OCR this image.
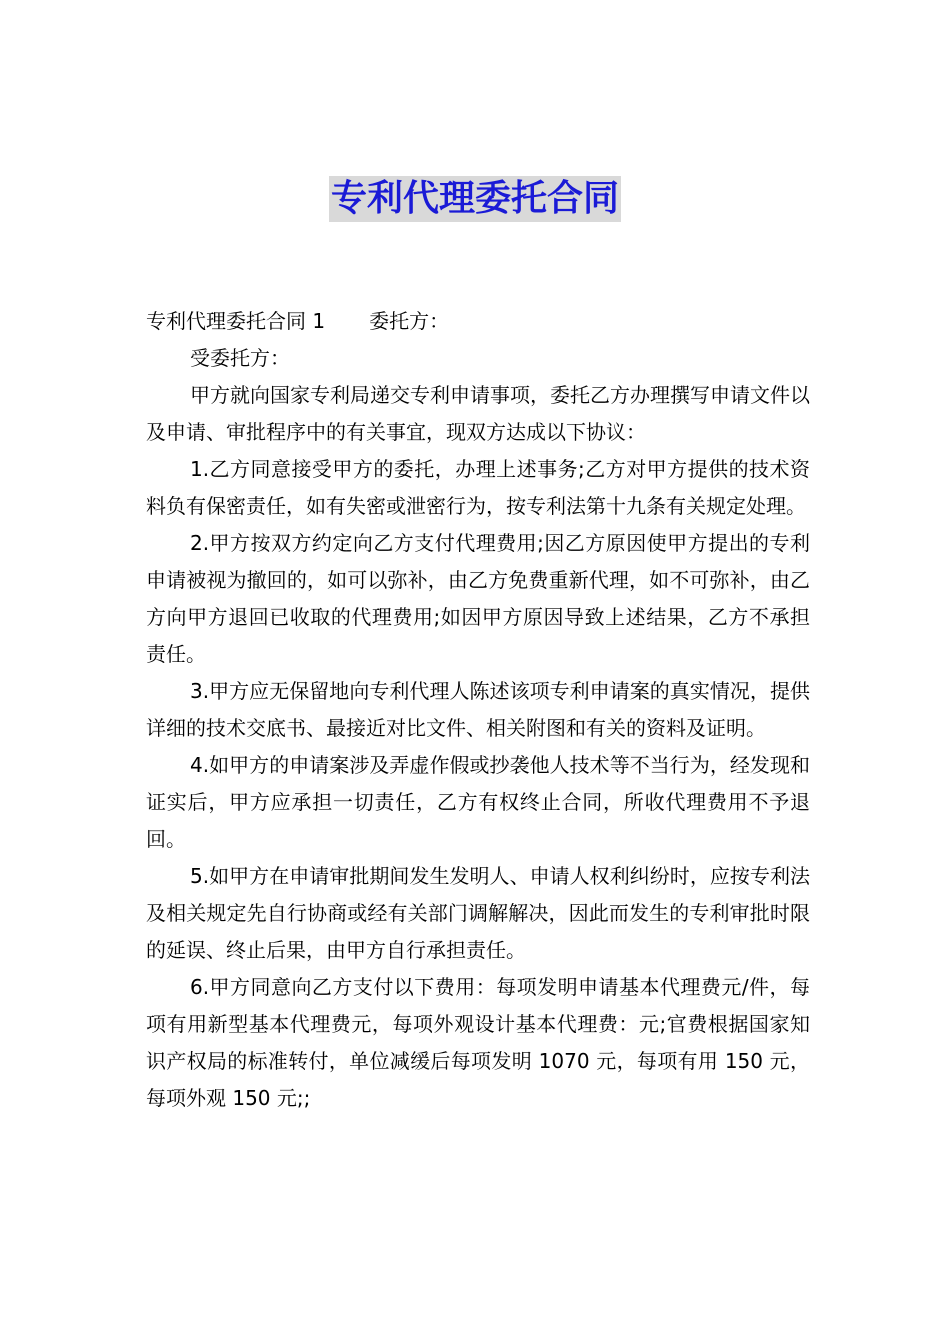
专利代理委托合同

专利代理委托合同 1 委托方：

受委托方：

甲方就向国家专利局递交专利申请事项，委托乙方办理撰写申请文件以及申请、审批程序中的有关事宜，现双方达成以下协议：

1.乙方同意接受甲方的委托，办理上述事务;乙方对甲方提供的技术资料负有保密责任，如有失密或泄密行为，按专利法第十九条有关规定处理。

2.甲方按双方约定向乙方支付代理费用;因乙方原因使甲方提出的专利申请被视为撤回的，如可以弥补，由乙方免费重新代理，如不可弥补，由乙方向甲方退回已收取的代理费用;如因甲方原因导致上述结果，乙方不承担责任。

3.甲方应无保留地向专利代理人陈述该项专利申请案的真实情况，提供详细的技术交底书、最接近对比文件、相关附图和有关的资料及证明。

4.如甲方的申请案涉及弄虚作假或抄袭他人技术等不当行为，经发现和证实后，甲方应承担一切责任，乙方有权终止合同，所收代理费用不予退回。

5.如甲方在申请审批期间发生发明人、申请人权利纠纷时，应按专利法及相关规定先自行协商或经有关部门调解解决，因此而发生的专利审批时限的延误、终止后果，由甲方自行承担责任。

6.甲方同意向乙方支付以下费用：每项发明申请基本代理费元/件，每项有用新型基本代理费元，每项外观设计基本代理费：元;官费根据国家知识产权局的标准转付，单位减缓后每项发明 1070 元，每项有用 150 元，每项外观 150 元;;
